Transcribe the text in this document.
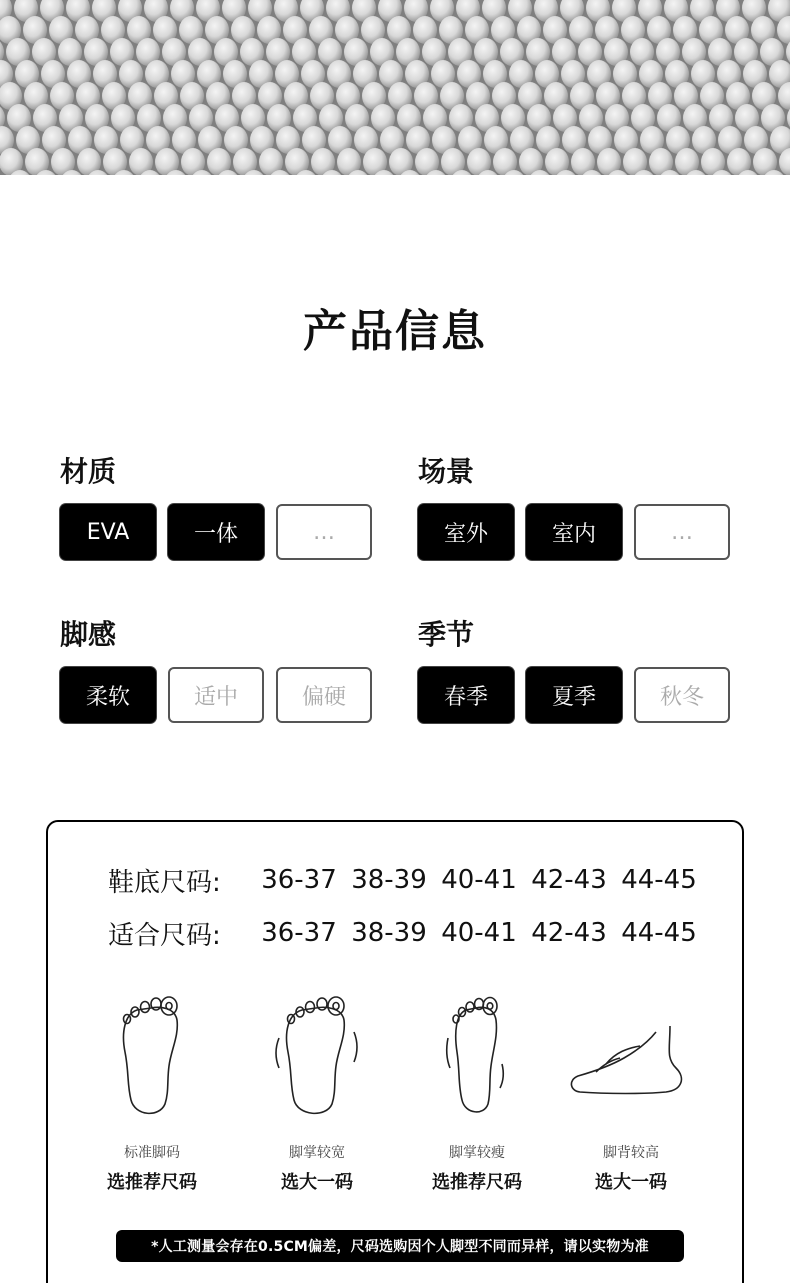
产品信息
材质
EVA	一体	…
场景
室外	室内	…
脚感
柔软	适中	偏硬
季节
春季	夏季	秋冬
鞋底尺码:	36-37 38-39 40-41 42-43 44-45
适合尺码:	36-37 38-39 40-41 42-43 44-45
标准脚码
选推荐尺码
脚掌较宽
选大一码
脚掌较瘦
选推荐尺码
脚背较高
选大一码
*人工测量会存在0.5CM偏差，尺码选购因个人脚型不同而异样，请以实物为准
